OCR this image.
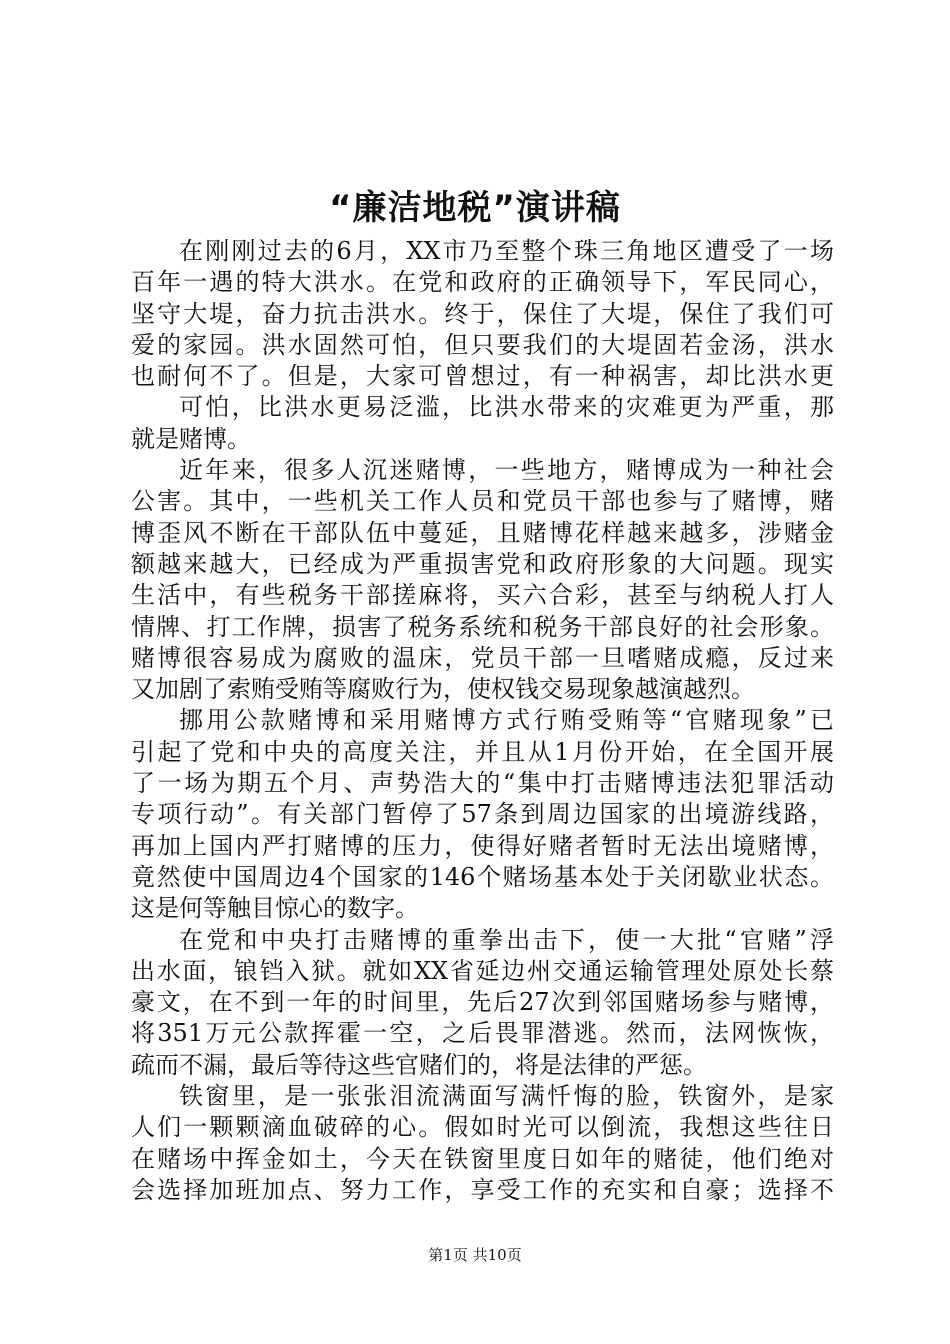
“廉洁地税”演讲稿
在刚刚过去的6月，XX市乃至整个珠三角地区遭受了一场
百年一遇的特大洪水。在党和政府的正确领导下，军民同心，
坚守大堤，奋力抗击洪水。终于，保住了大堤，保住了我们可
爱的家园。洪水固然可怕，但只要我们的大堤固若金汤，洪水
也耐何不了。但是，大家可曾想过，有一种祸害，却比洪水更
可怕，比洪水更易泛滥，比洪水带来的灾难更为严重，那
就是赌博。
近年来，很多人沉迷赌博，一些地方，赌博成为一种社会
公害。其中，一些机关工作人员和党员干部也参与了赌博，赌
博歪风不断在干部队伍中蔓延，且赌博花样越来越多，涉赌金
额越来越大，已经成为严重损害党和政府形象的大问题。现实
生活中，有些税务干部搓麻将，买六合彩，甚至与纳税人打人
情牌、打工作牌，损害了税务系统和税务干部良好的社会形象。
赌博很容易成为腐败的温床，党员干部一旦嗜赌成瘾，反过来
又加剧了索贿受贿等腐败行为，使权钱交易现象越演越烈。
挪用公款赌博和采用赌博方式行贿受贿等“官赌现象”已
引起了党和中央的高度关注，并且从1月份开始，在全国开展
了一场为期五个月、声势浩大的“集中打击赌博违法犯罪活动
专项行动”。有关部门暂停了57条到周边国家的出境游线路，
再加上国内严打赌博的压力，使得好赌者暂时无法出境赌博，
竟然使中国周边4个国家的146个赌场基本处于关闭歇业状态。
这是何等触目惊心的数字。
在党和中央打击赌博的重拳出击下，使一大批“官赌”浮
出水面，锒铛入狱。就如XX省延边州交通运输管理处原处长蔡
豪文，在不到一年的时间里，先后27次到邻国赌场参与赌博，
将351万元公款挥霍一空，之后畏罪潜逃。然而，法网恢恢，
疏而不漏，最后等待这些官赌们的，将是法律的严惩。
铁窗里，是一张张泪流满面写满忏悔的脸，铁窗外，是家
人们一颗颗滴血破碎的心。假如时光可以倒流，我想这些往日
在赌场中挥金如土，今天在铁窗里度日如年的赌徒，他们绝对
会选择加班加点、努力工作，享受工作的充实和自豪；选择不
第1页 共10页
